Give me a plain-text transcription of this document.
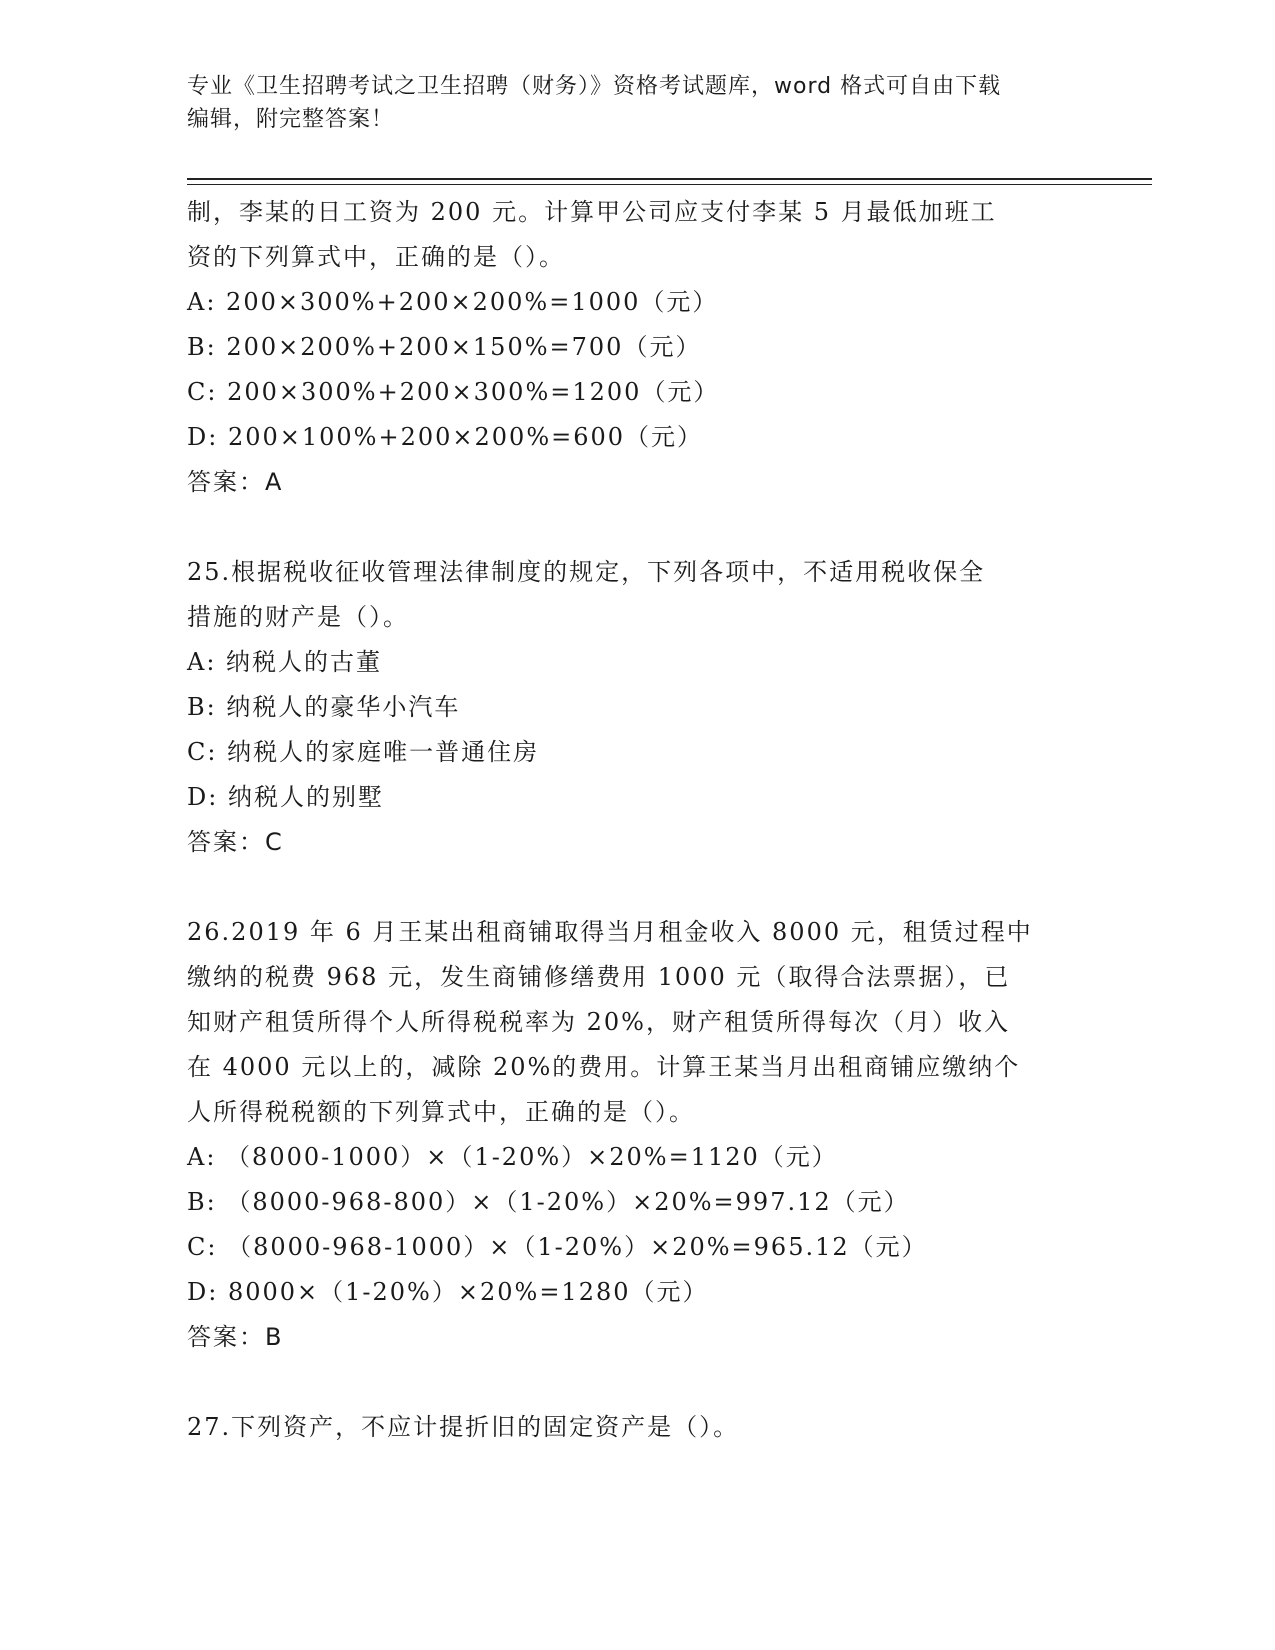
专业《卫生招聘考试之卫生招聘（财务）》资格考试题库，word 格式可自由下载
编辑，附完整答案！
制，李某的日工资为 200 元。计算甲公司应支付李某 5 月最低加班工
资的下列算式中，正确的是（）。
A: 200×300%+200×200%=1000（元）
B: 200×200%+200×150%=700（元）
C: 200×300%+200×300%=1200（元）
D: 200×100%+200×200%=600（元）
答案：A
25.根据税收征收管理法律制度的规定，下列各项中，不适用税收保全
措施的财产是（）。
A: 纳税人的古董
B: 纳税人的豪华小汽车
C: 纳税人的家庭唯一普通住房
D: 纳税人的别墅
答案：C
26.2019 年 6 月王某出租商铺取得当月租金收入 8000 元，租赁过程中
缴纳的税费 968 元，发生商铺修缮费用 1000 元（取得合法票据），已
知财产租赁所得个人所得税税率为 20%，财产租赁所得每次（月）收入
在 4000 元以上的，减除 20%的费用。计算王某当月出租商铺应缴纳个
人所得税税额的下列算式中，正确的是（）。
A: （8000-1000）×（1-20%）×20%=1120（元）
B: （8000-968-800）×（1-20%）×20%=997.12（元）
C: （8000-968-1000）×（1-20%）×20%=965.12（元）
D: 8000×（1-20%）×20%=1280（元）
答案：B
27.下列资产，不应计提折旧的固定资产是（）。
